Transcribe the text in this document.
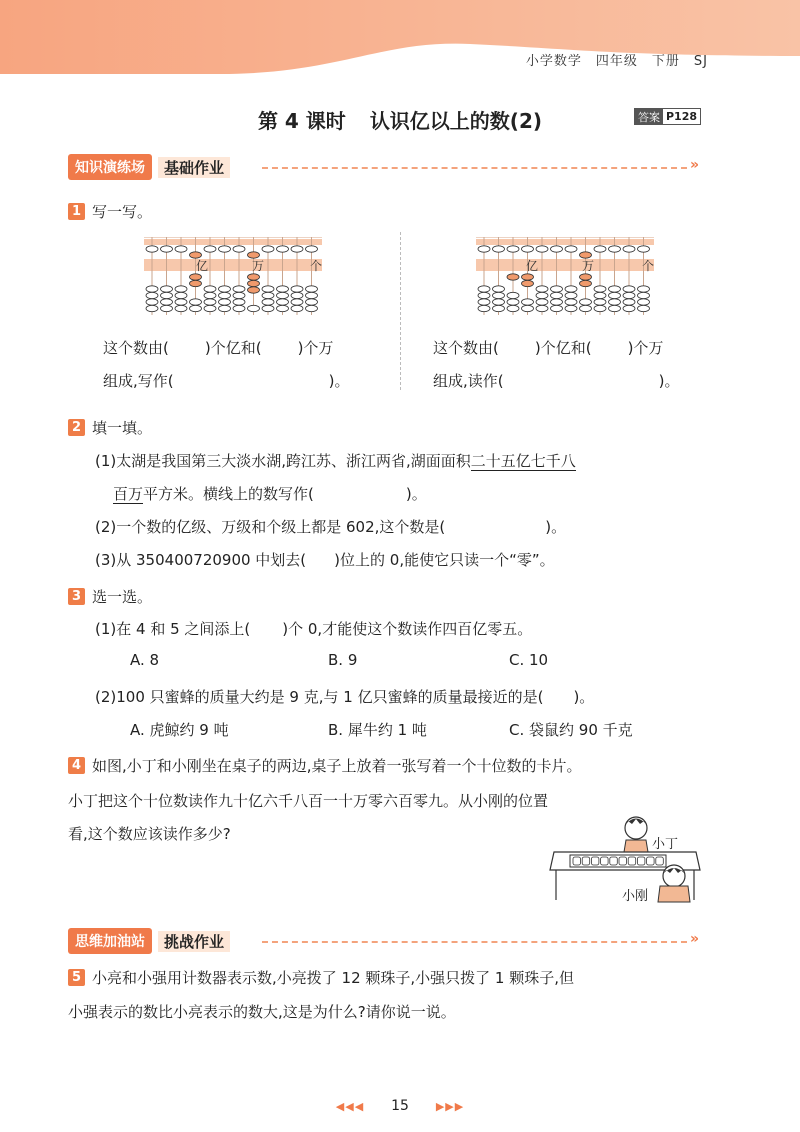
小学数学　四年级　下册　SJ
第 4 课时 认识亿以上的数(2)	答案 P128
知识演练场	基础作业	»
1 写一写。
亿	万	个	亿	万	个
这个数由( )个亿和( )个万
组成,写作(	)。
这个数由( )个亿和( )个万
组成,读作(	)。
2 填一填。
(1)太湖是我国第三大淡水湖,跨江苏、浙江两省,湖面面积二十五亿七千八
百万平方米。横线上的数写作(	)。
(2)一个数的亿级、万级和个级上都是 602,这个数是(	)。
(3)从 350400720900 中划去( )位上的 0,能使它只读一个“零”。
3 选一选。
(1)在 4 和 5 之间添上( )个 0,才能使这个数读作四百亿零五。
A. 8	B. 9	C. 10
(2)100 只蜜蜂的质量大约是 9 克,与 1 亿只蜜蜂的质量最接近的是( )。
A. 虎鲸约 9 吨	B. 犀牛约 1 吨	C. 袋鼠约 90 千克
4 如图,小丁和小刚坐在桌子的两边,桌子上放着一张写着一个十位数的卡片。
小丁把这个十位数读作九十亿六千八百一十万零六百零九。从小刚的位置
看,这个数应该读作多少?
小丁
小刚
思维加油站	挑战作业	»
5 小亮和小强用计数器表示数,小亮拨了 12 颗珠子,小强只拨了 1 颗珠子,但
小强表示的数比小亮表示的数大,这是为什么?请你说一说。
◀◀◀ 15 ▶▶▶
